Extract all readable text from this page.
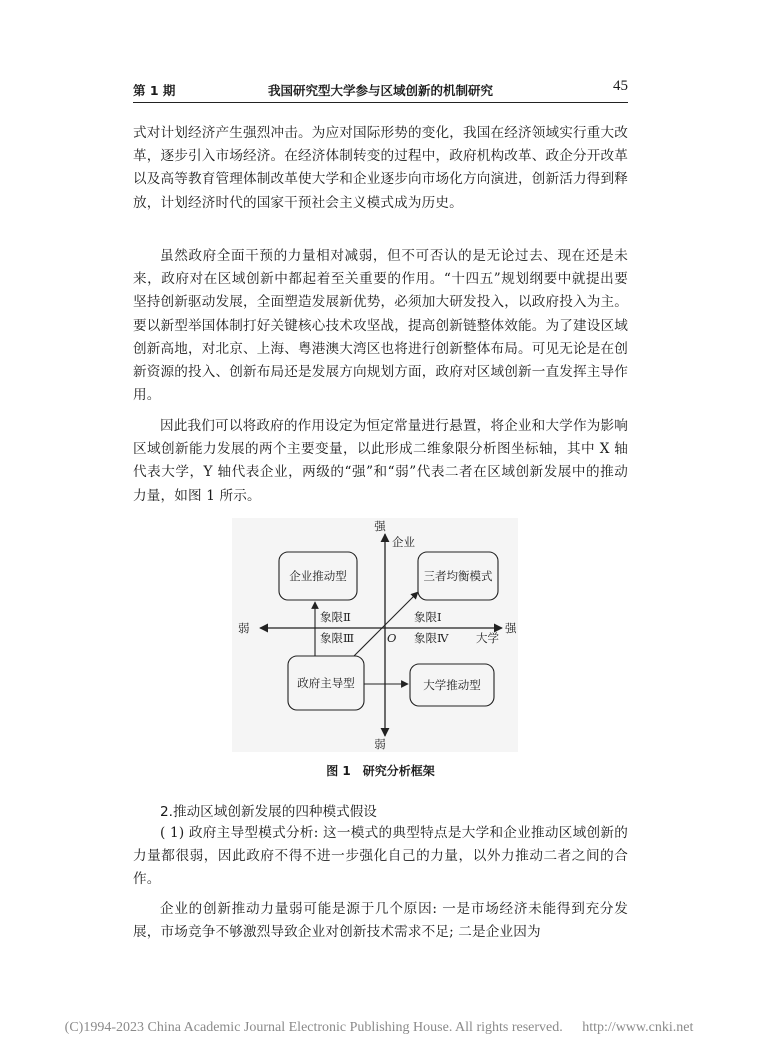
第 1 期	我国研究型大学参与区域创新的机制研究	45

式对计划经济产生强烈冲击。为应对国际形势的变化，我国在经济领域实行重大改革，逐步引入市场经济。在经济体制转变的过程中，政府机构改革、政企分开改革以及高等教育管理体制改革使大学和企业逐步向市场化方向演进，创新活力得到释放，计划经济时代的国家干预社会主义模式成为历史。

虽然政府全面干预的力量相对减弱，但不可否认的是无论过去、现在还是未来，政府对在区域创新中都起着至关重要的作用。“十四五”规划纲要中就提出要坚持创新驱动发展，全面塑造发展新优势，必须加大研发投入，以政府投入为主。要以新型举国体制打好关键核心技术攻坚战，提高创新链整体效能。为了建设区域创新高地，对北京、上海、粤港澳大湾区也将进行创新整体布局。可见无论是在创新资源的投入、创新布局还是发展方向规划方面，政府对区域创新一直发挥主导作用。

因此我们可以将政府的作用设定为恒定常量进行悬置，将企业和大学作为影响区域创新能力发展的两个主要变量，以此形成二维象限分析图坐标轴，其中 X 轴代表大学，Y 轴代表企业，两级的“强”和“弱”代表二者在区域创新发展中的推动力量，如图 1 所示。

强
企业
弱	强
大学
弱
O
象限Ⅰ
象限Ⅱ
象限Ⅲ	象限Ⅳ
企业推动型	三者均衡模式
政府主导型	大学推动型
图 1　研究分析框架
2.推动区域创新发展的四种模式假设

( 1) 政府主导型模式分析: 这一模式的典型特点是大学和企业推动区域创新的力量都很弱，因此政府不得不进一步强化自己的力量，以外力推动二者之间的合作。

企业的创新推动力量弱可能是源于几个原因: 一是市场经济未能得到充分发展，市场竞争不够激烈导致企业对创新技术需求不足; 二是企业因为

(C)1994-2023 China Academic Journal Electronic Publishing House. All rights reserved. http://www.cnki.net
